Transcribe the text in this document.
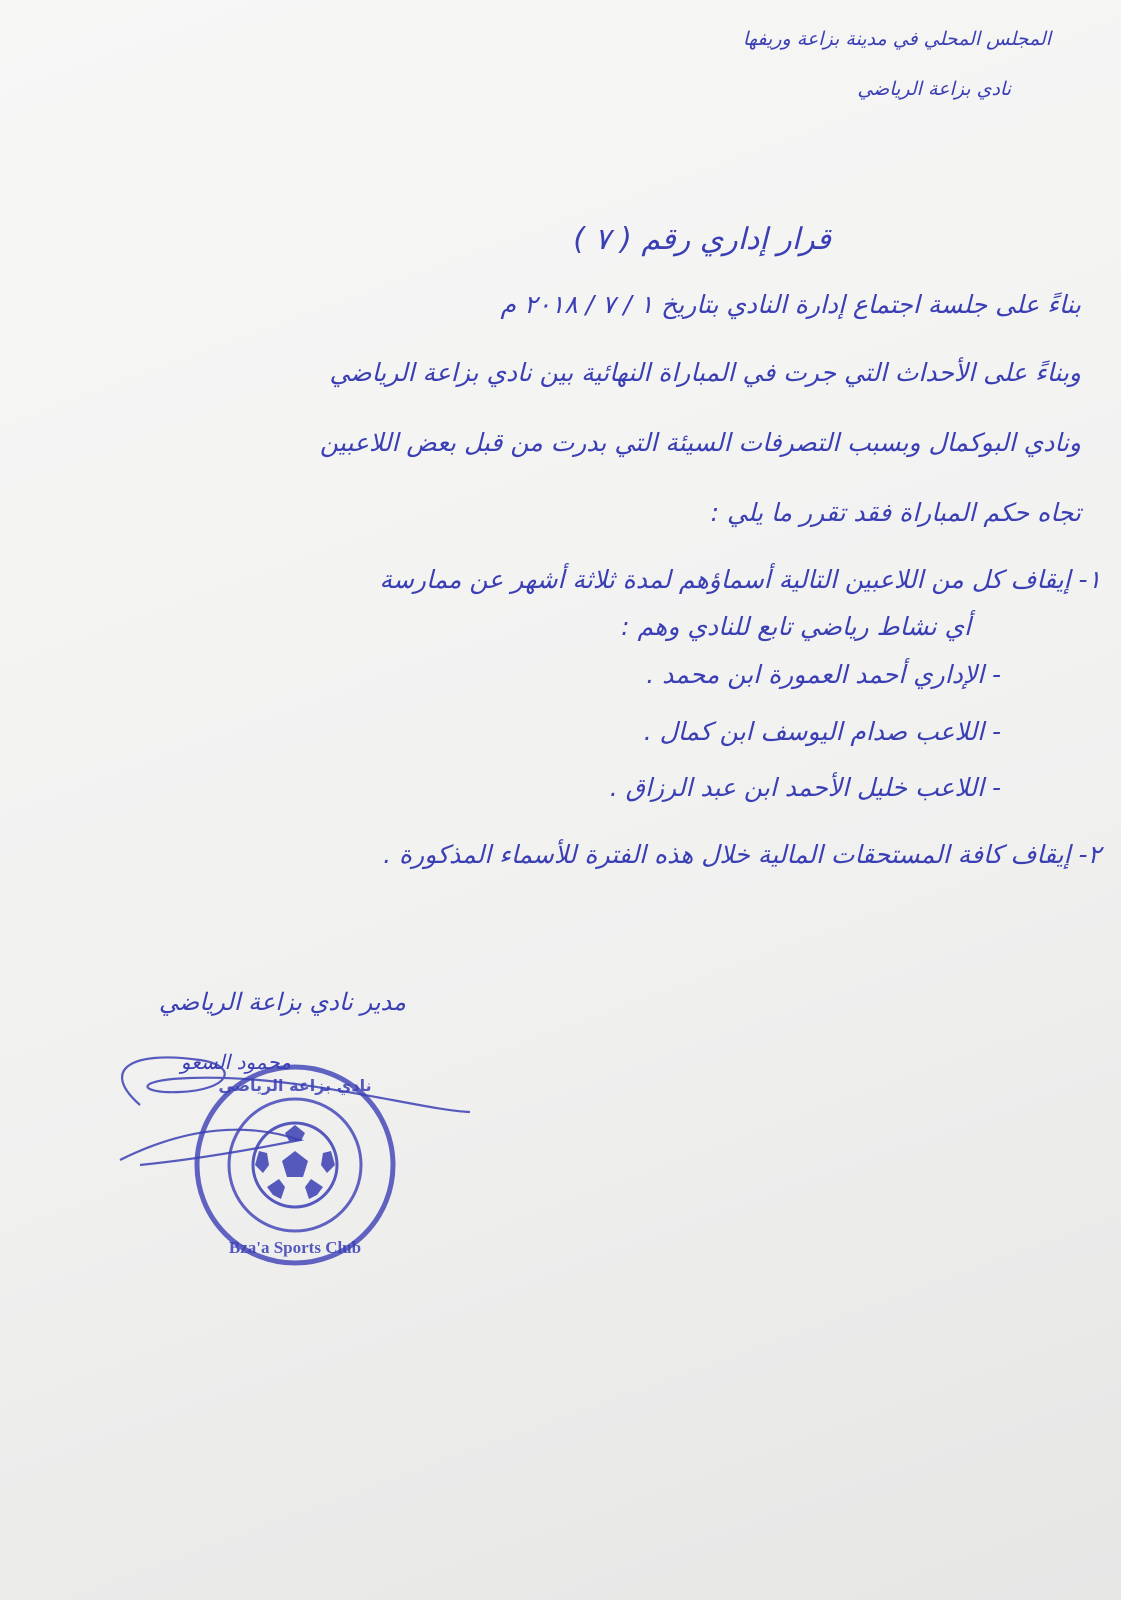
المجلس المحلي في مدينة بزاعة وريفها
نادي بزاعة الرياضي
قرار إداري رقم ( ٧ )
بناءً على جلسة اجتماع إدارة النادي بتاريخ ١ / ٧ / ٢٠١٨ م
وبناءً على الأحداث التي جرت في المباراة النهائية بين نادي بزاعة الرياضي
ونادي البوكمال وبسبب التصرفات السيئة التي بدرت من قبل بعض اللاعبين
تجاه حكم المباراة فقد تقرر ما يلي :
١- إيقاف كل من اللاعبين التالية أسماؤهم لمدة ثلاثة أشهر عن ممارسة
أي نشاط رياضي تابع للنادي وهم :
- الإداري أحمد العمورة ابن محمد .
- اللاعب صدام اليوسف ابن كمال .
- اللاعب خليل الأحمد ابن عبد الرزاق .
٢- إيقاف كافة المستحقات المالية خلال هذه الفترة للأسماء المذكورة .
مدير نادي بزاعة الرياضي
محمود السعو
Bza'a Sports Club
نادي بزاعة الرياضي
